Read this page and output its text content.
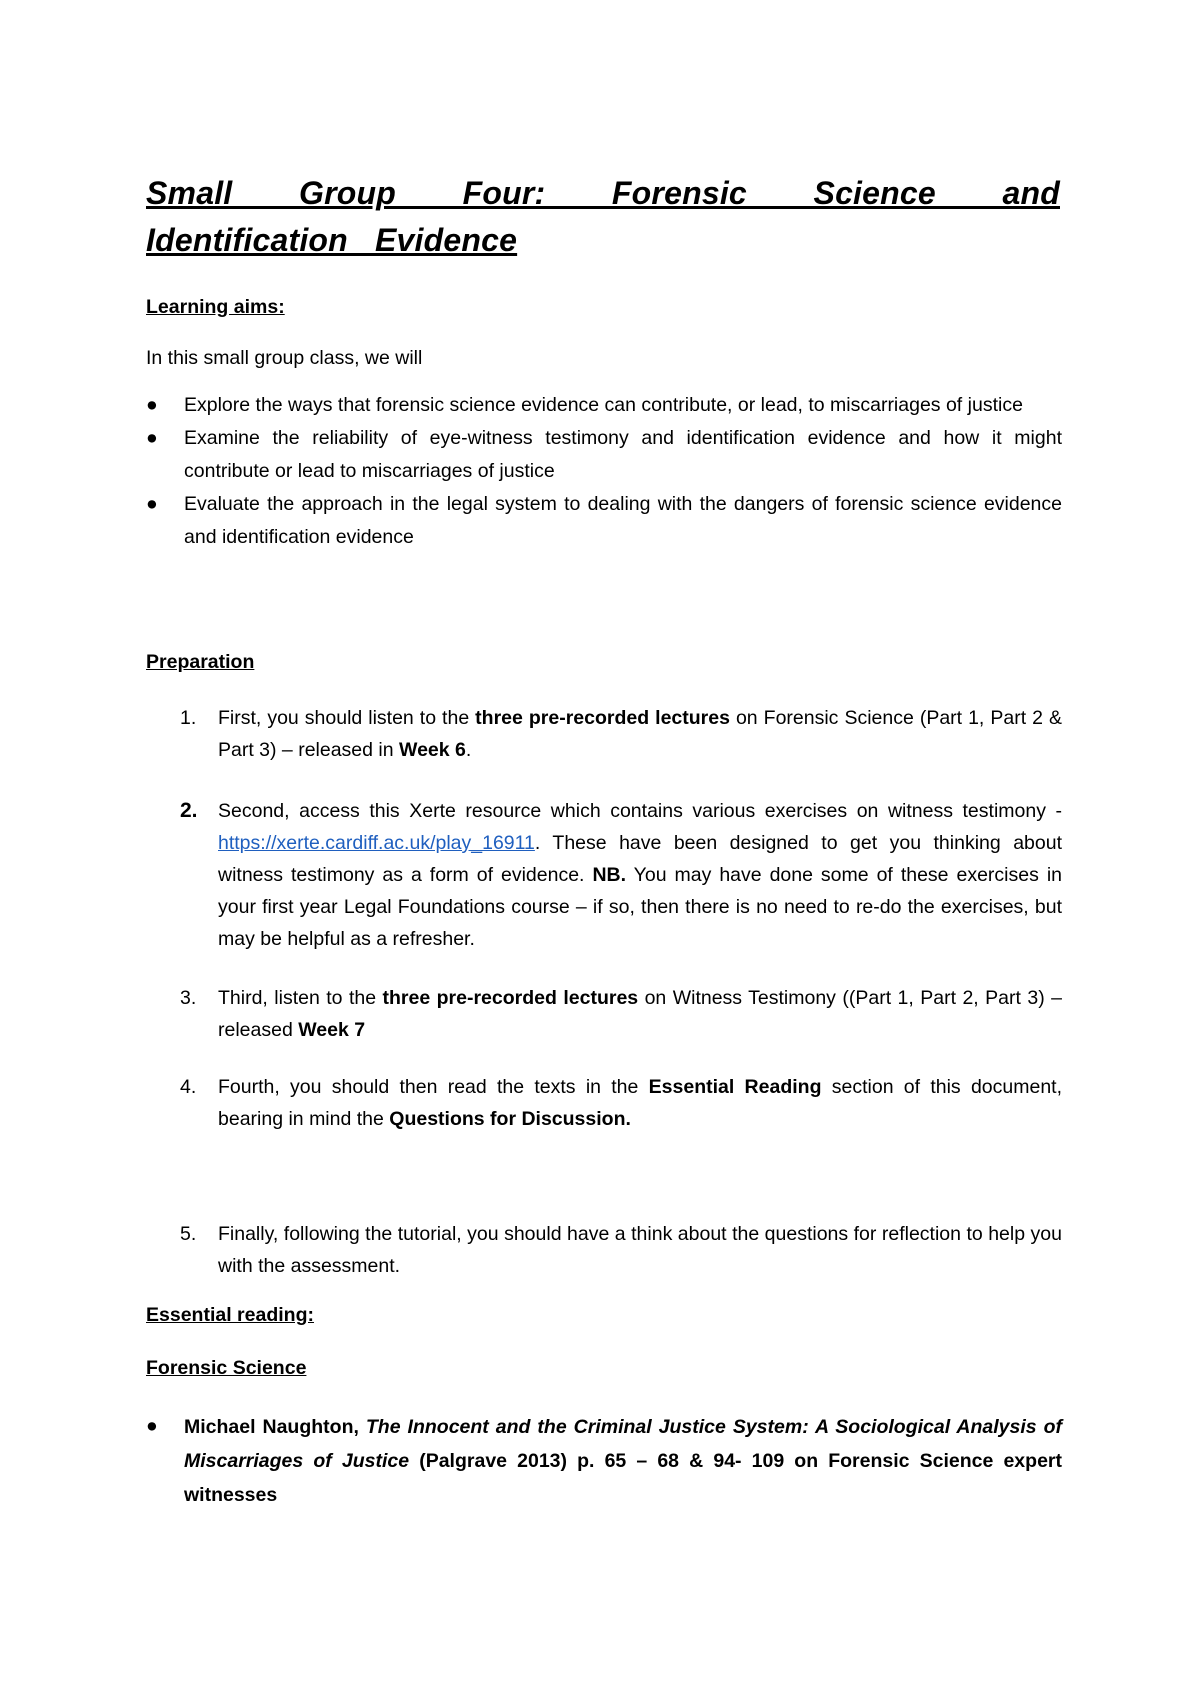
Small Group Four: Forensic Science and Identification Evidence
Learning aims:

In this small group class, we will

● Explore the ways that forensic science evidence can contribute, or lead, to miscarriages of justice
● Examine the reliability of eye-witness testimony and identification evidence and how it might contribute or lead to miscarriages of justice
● Evaluate the approach in the legal system to dealing with the dangers of forensic science evidence and identification evidence
Preparation
1. First, you should listen to the three pre-recorded lectures on Forensic Science (Part 1, Part 2 & Part 3) – released in Week 6.
2. Second, access this Xerte resource which contains various exercises on witness testimony - https://xerte.cardiff.ac.uk/play_16911. These have been designed to get you thinking about witness testimony as a form of evidence. NB. You may have done some of these exercises in your first year Legal Foundations course – if so, then there is no need to re-do the exercises, but may be helpful as a refresher.
3. Third, listen to the three pre-recorded lectures on Witness Testimony ((Part 1, Part 2, Part 3) – released Week 7
4. Fourth, you should then read the texts in the Essential Reading section of this document, bearing in mind the Questions for Discussion.
5. Finally, following the tutorial, you should have a think about the questions for reflection to help you with the assessment.
Essential reading:
Forensic Science
● Michael Naughton, The Innocent and the Criminal Justice System: A Sociological Analysis of Miscarriages of Justice (Palgrave 2013) p. 65 – 68 & 94- 109 on Forensic Science expert witnesses
